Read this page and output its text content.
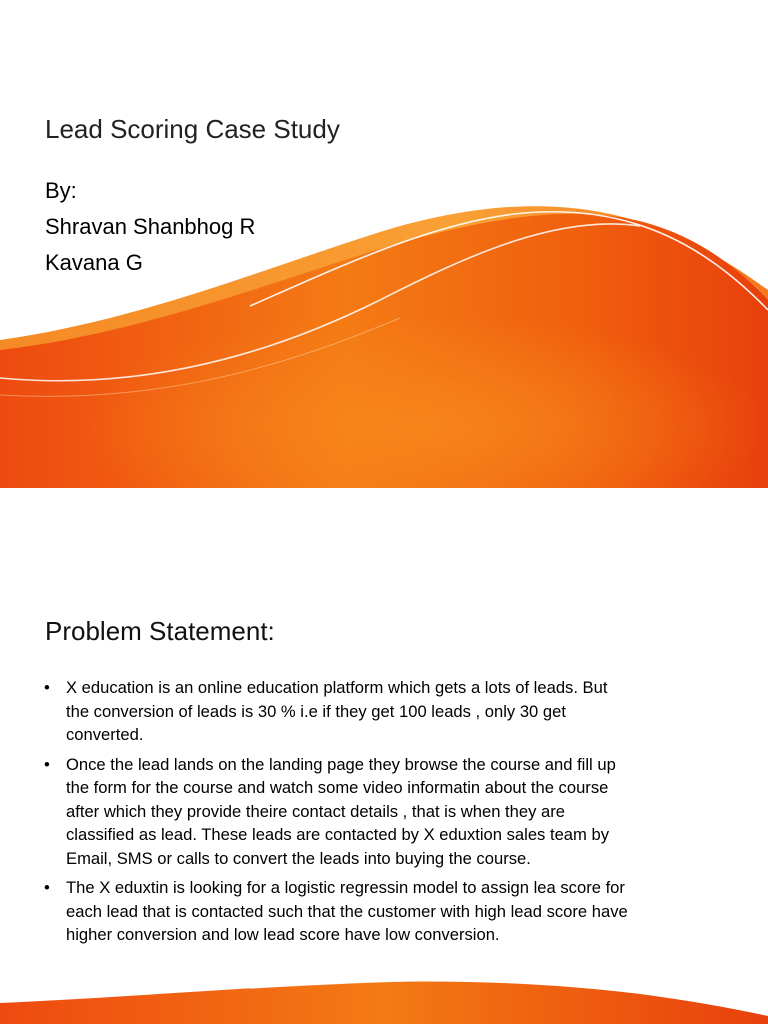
Lead Scoring Case Study
By:
Shravan Shanbhog R
Kavana G
Problem Statement:
• X education is an online education platform which gets a lots of leads. But
the conversion of leads is 30 % i.e if they get 100 leads , only 30 get
converted.
• Once the lead lands on the landing page they browse the course and fill up
the form for the course and watch some video informatin about the course
after which they provide theire contact details , that is when they are
classified as lead. These leads are contacted by X eduxtion sales team by
Email, SMS or calls to convert the leads into buying the course.
• The X eduxtin is looking for a logistic regressin model to assign lea score for
each lead that is contacted such that the customer with high lead score have
higher conversion and low lead score have low conversion.
